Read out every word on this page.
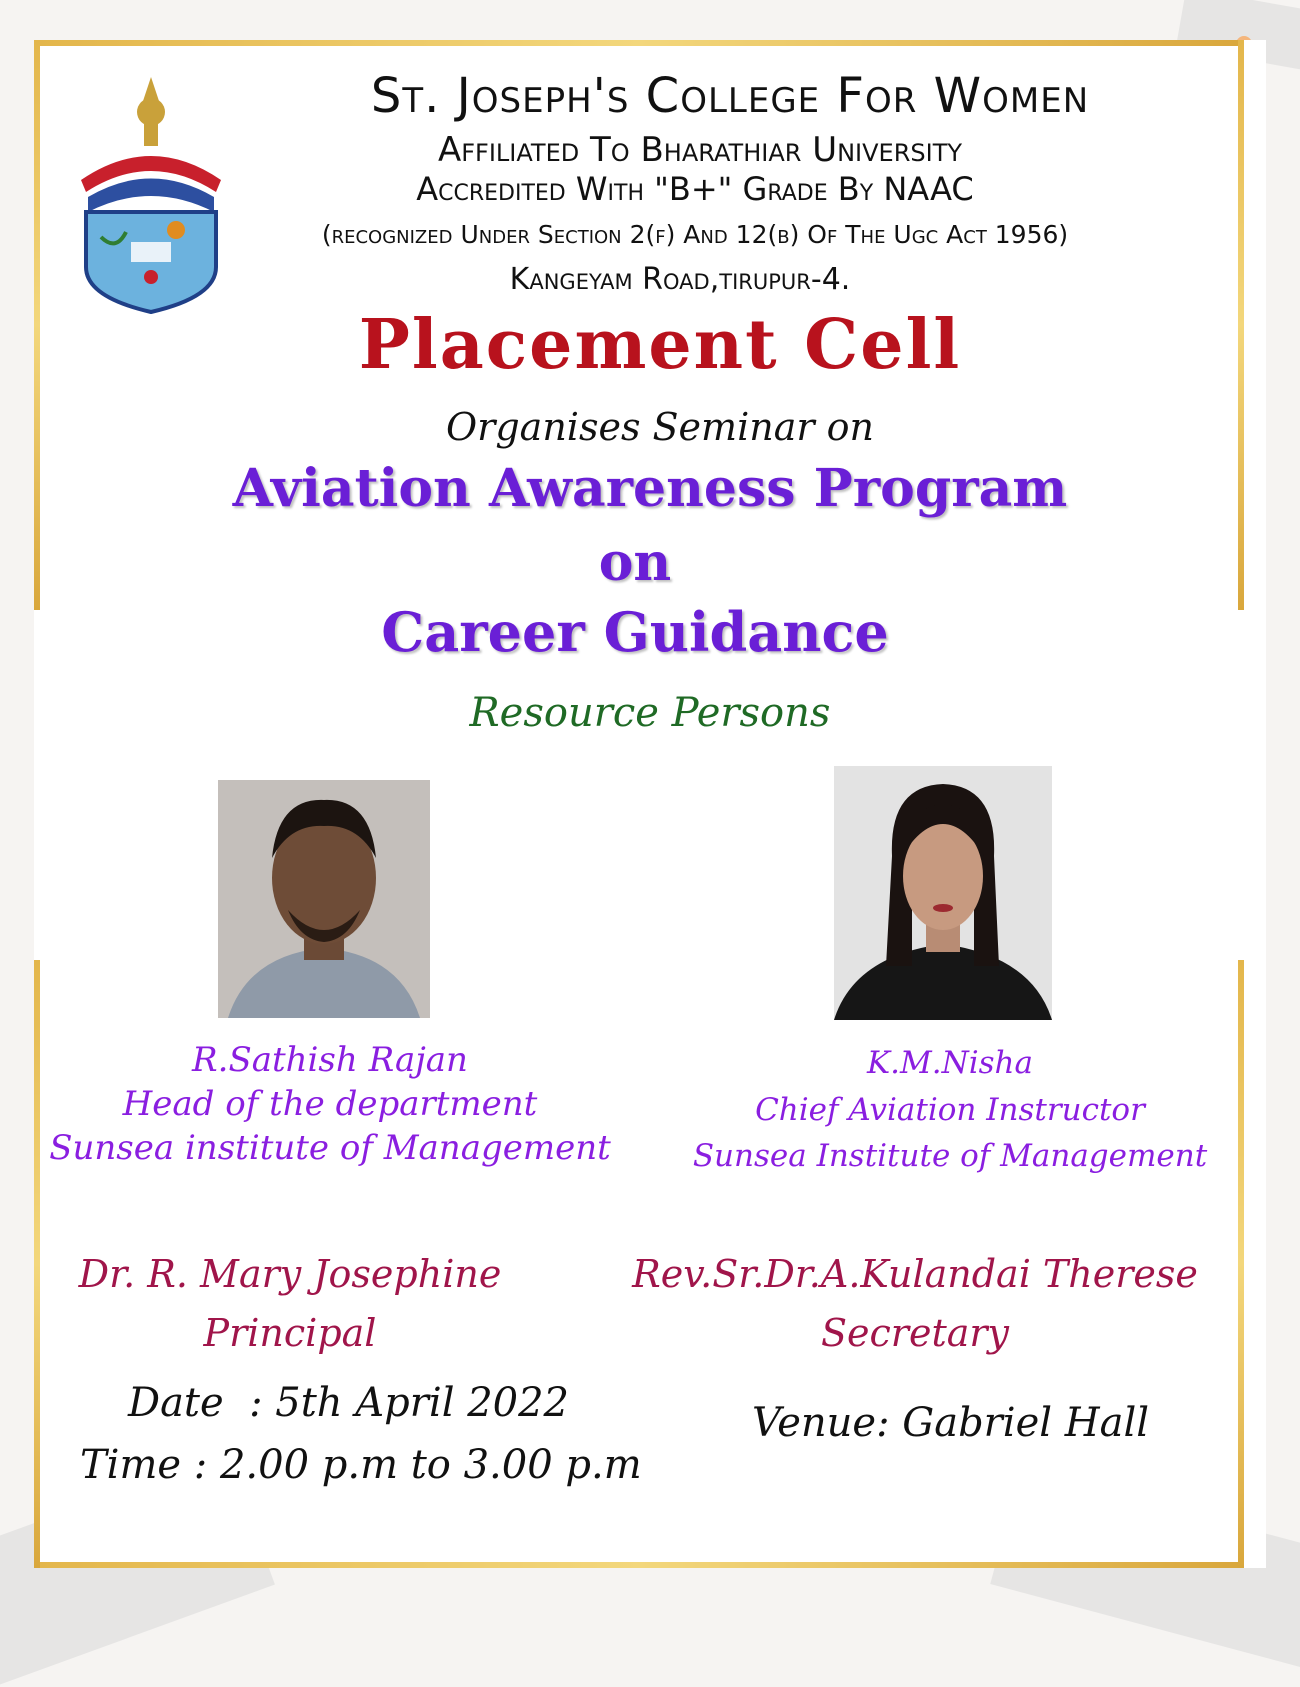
St. Joseph's College For Women
Affiliated To Bharathiar University
Accredited With "B+" Grade By NAAC
(recognized Under Section 2(f) And 12(b) Of The Ugc Act 1956)
Kangeyam Road,tirupur-4.
Placement Cell
Organises Seminar on
Aviation Awareness Program
on
Career Guidance
Resource Persons
R.Sathish Rajan
Head of the department
Sunsea institute of Management
K.M.Nisha
Chief Aviation Instructor
Sunsea Institute of Management
Dr. R. Mary Josephine
Principal
Rev.Sr.Dr.A.Kulandai Therese
Secretary
Date  : 5th April 2022
Time : 2.00 p.m to 3.00 p.m
Venue: Gabriel Hall
